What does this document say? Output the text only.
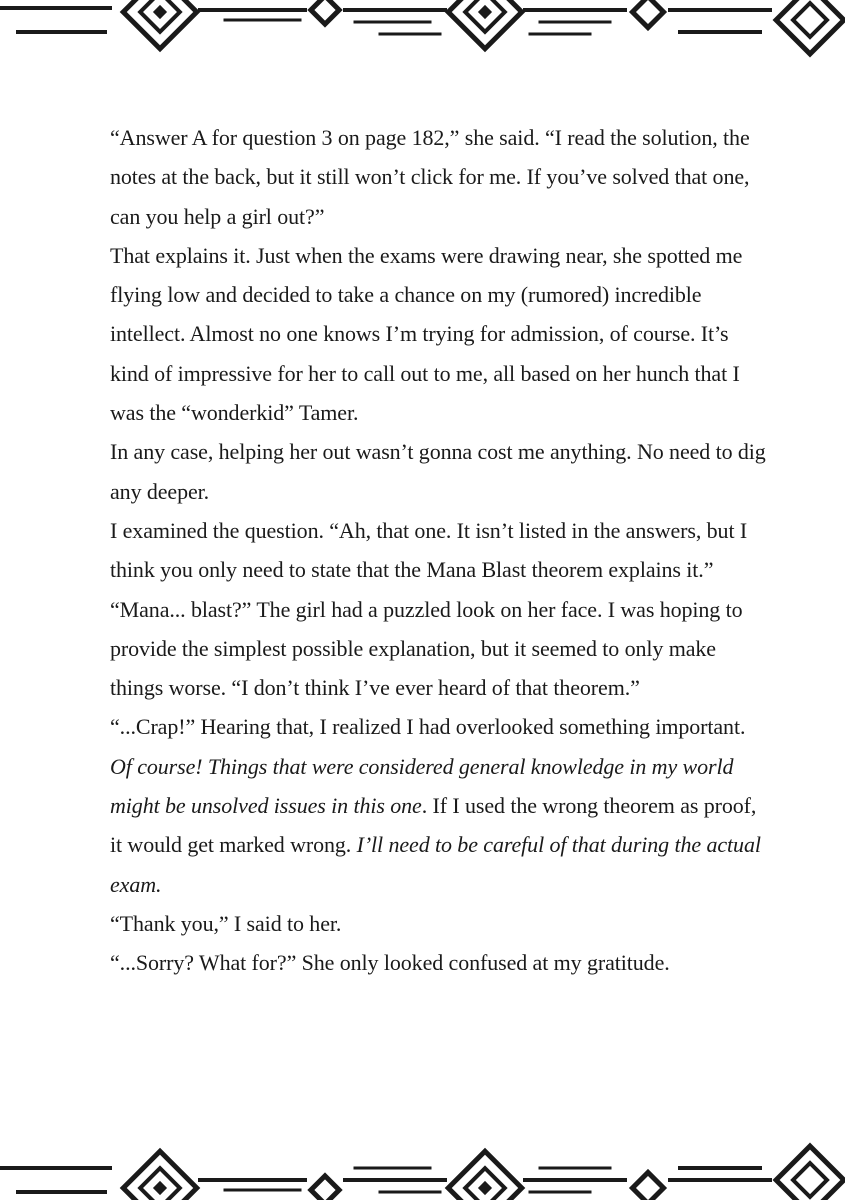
“Answer A for question 3 on page 182,” she said. “I read the solution, the notes at the back, but it still won’t click for me. If you’ve solved that one, can you help a girl out?”

That explains it. Just when the exams were drawing near, she spotted me flying low and decided to take a chance on my (rumored) incredible intellect. Almost no one knows I’m trying for admission, of course. It’s kind of impressive for her to call out to me, all based on her hunch that I was the “wonderkid” Tamer.

In any case, helping her out wasn’t gonna cost me anything. No need to dig any deeper.

I examined the question. “Ah, that one. It isn’t listed in the answers, but I think you only need to state that the Mana Blast theorem explains it.”

“Mana... blast?” The girl had a puzzled look on her face. I was hoping to provide the simplest possible explanation, but it seemed to only make things worse. “I don’t think I’ve ever heard of that theorem.”

“...Crap!” Hearing that, I realized I had overlooked something important.

Of course! Things that were considered general knowledge in my world might be unsolved issues in this one. If I used the wrong theorem as proof, it would get marked wrong. I’ll need to be careful of that during the actual exam.

“Thank you,” I said to her.

“...Sorry? What for?” She only looked confused at my gratitude.
